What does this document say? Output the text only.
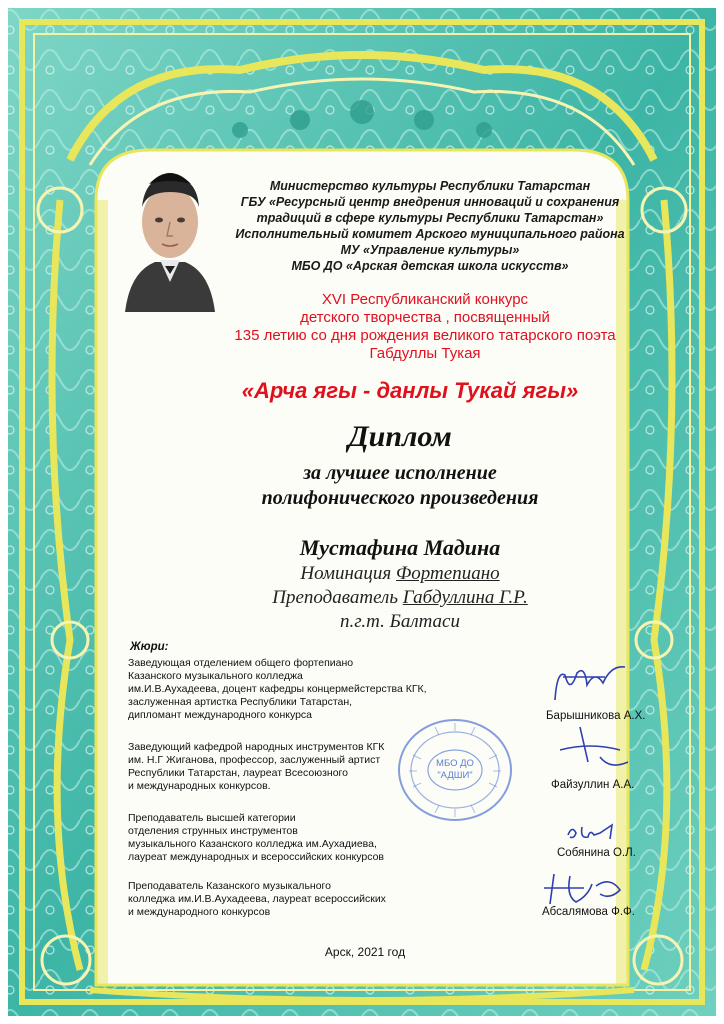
Министерство культуры Республики Татарстан

ГБУ «Ресурсный центр внедрения инноваций и сохранения

традиций в сфере культуры Республики Татарстан»

Исполнительный комитет Арского муниципального района

МУ «Управление культуры»

МБО ДО «Арская детская школа искусств»

XVI Республиканский конкурс

детского творчества , посвященный

135 летию со дня рождения великого татарского поэта

Габдуллы Тукая

«Арча ягы - данлы Тукай ягы»

Диплом

за лучшее исполнение

полифонического произведения

Мустафина Мадина

Номинация Фортепиано

Преподаватель Габдуллина Г.Р.

п.г.т. Балтаси

Жюри:

Заведующая отделением общего фортепиано

Казанского музыкального колледжа

им.И.В.Аухадеева, доцент кафедры концермейстерства КГК,

заслуженная артистка Республики Татарстан,

дипломант международного конкурса

Заведующий кафедрой народных инструментов КГК

им. Н.Г Жиганова, профессор, заслуженный артист

Республики Татарстан, лауреат Всесоюзного

и международных конкурсов.

Преподаватель высшей категории

отделения струнных инструментов

музыкального Казанского колледжа им.Аухадиева,

лауреат международных и всероссийских конкурсов

Преподаватель Казанского музыкального

колледжа им.И.В.Аухадеева, лауреат всероссийских

и международного конкурсов

МБО ДО

"АДШИ"

Барышникова А.Х.

Файзуллин А.А.

Собянина О.Л.

Абсалямова Ф.Ф.

Арск, 2021 год
